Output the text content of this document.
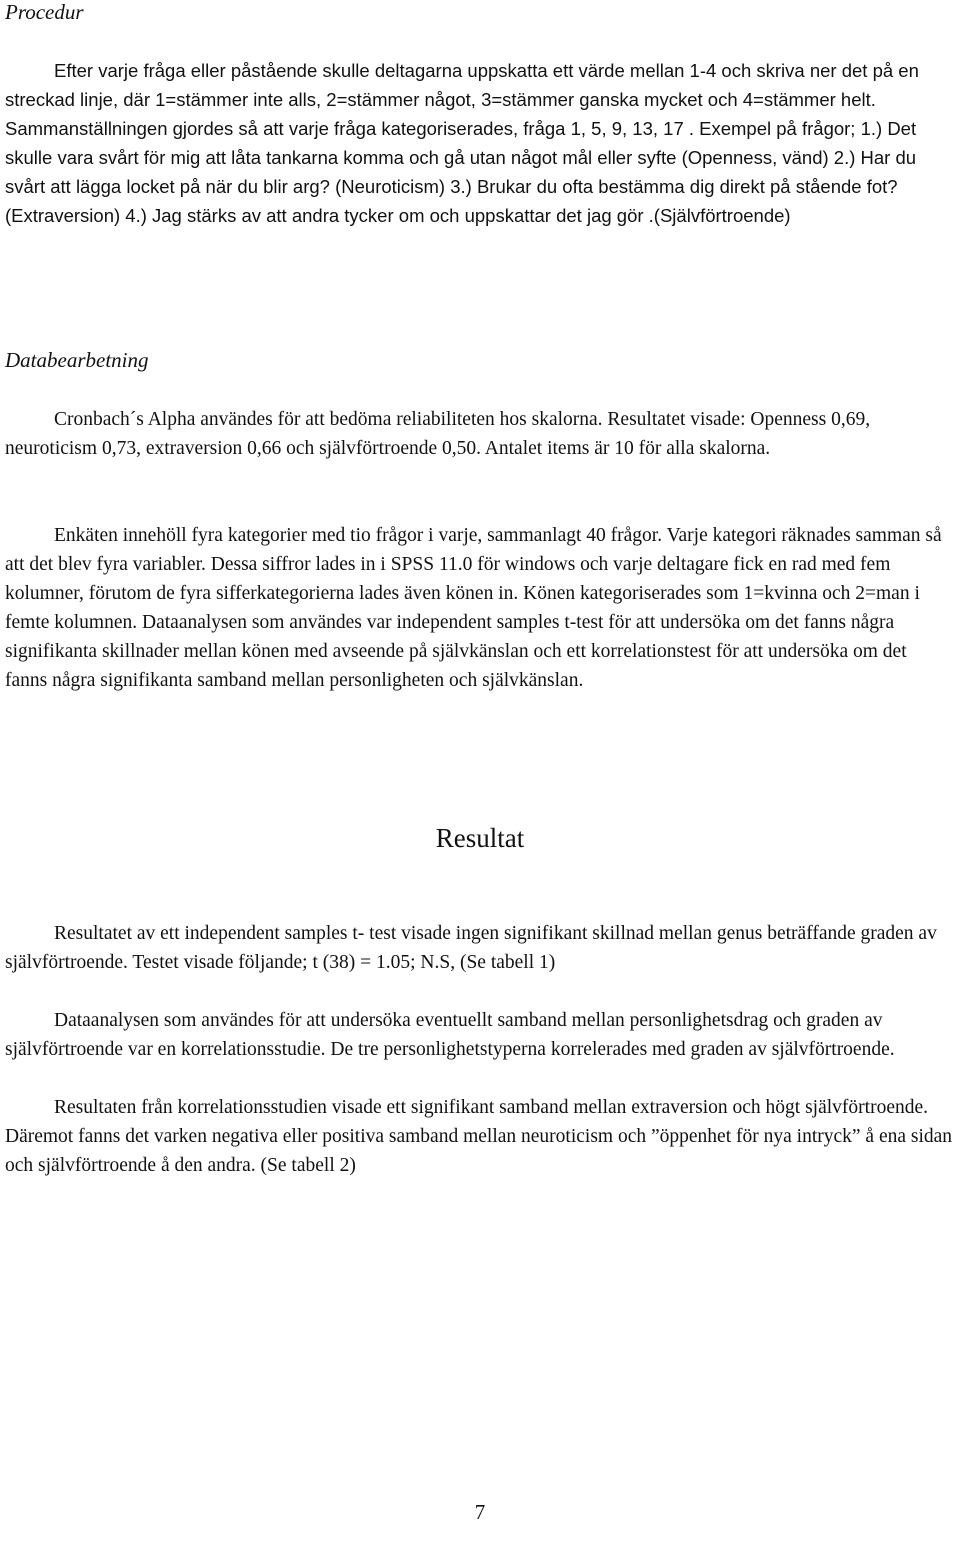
Procedur

Efter varje fråga eller påstående skulle deltagarna uppskatta ett värde mellan 1-4 och skriva ner det på en streckad linje, där 1=stämmer inte alls, 2=stämmer något, 3=stämmer ganska mycket och 4=stämmer helt. Sammanställningen gjordes så att varje fråga kategoriserades, fråga 1, 5, 9, 13, 17 . Exempel på frågor; 1.) Det skulle vara svårt för mig att låta tankarna komma och gå utan något mål eller syfte (Openness, vänd) 2.) Har du svårt att lägga locket på när du blir arg? (Neuroticism) 3.) Brukar du ofta bestämma dig direkt på stående fot? (Extraversion) 4.) Jag stärks av att andra tycker om och uppskattar det jag gör .(Självförtroende)

Databearbetning

Cronbach´s Alpha användes för att bedöma reliabiliteten hos skalorna. Resultatet visade: Openness 0,69, neuroticism 0,73, extraversion 0,66 och självförtroende 0,50. Antalet items är 10 för alla skalorna.

Enkäten innehöll fyra kategorier med tio frågor i varje, sammanlagt 40 frågor. Varje kategori räknades samman så att det blev fyra variabler. Dessa siffror lades in i SPSS 11.0 för windows och varje deltagare fick en rad med fem kolumner, förutom de fyra sifferkategorierna lades även könen in. Könen kategoriserades som 1=kvinna och 2=man i femte kolumnen. Dataanalysen som användes var independent samples t-test för att undersöka om det fanns några signifikanta skillnader mellan könen med avseende på självkänslan och ett korrelationstest för att undersöka om det fanns några signifikanta samband mellan personligheten och självkänslan.

Resultat

Resultatet av ett independent samples t- test visade ingen signifikant skillnad mellan genus beträffande graden av självförtroende. Testet visade följande; t (38) = 1.05; N.S, (Se tabell 1)

Dataanalysen som användes för att undersöka eventuellt samband mellan personlighetsdrag och graden av självförtroende var en korrelationsstudie. De tre personlighetstyperna korrelerades med graden av självförtroende.

Resultaten från korrelationsstudien visade ett signifikant samband mellan extraversion och högt självförtroende. Däremot fanns det varken negativa eller positiva samband mellan neuroticism och ”öppenhet för nya intryck” å ena sidan och självförtroende å den andra. (Se tabell 2)

7
